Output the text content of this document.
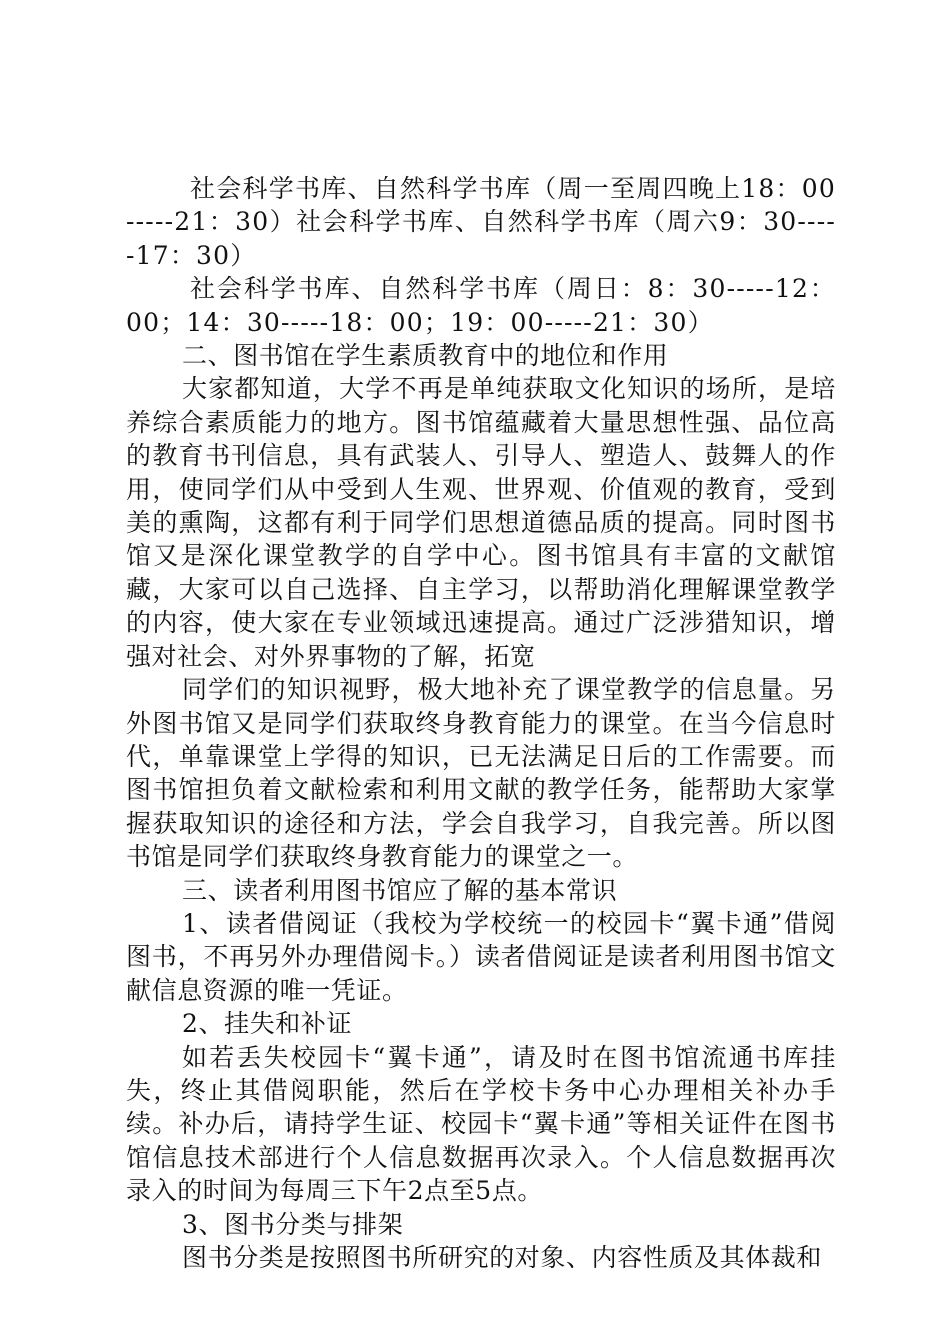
社会科学书库、自然科学书库（周一至周四晚上18：00-----21：30）社会科学书库、自然科学书库（周六9：30-----17：30）

社会科学书库、自然科学书库（周日：8：30-----12：00；14：30-----18：00；19：00-----21：30）

二、图书馆在学生素质教育中的地位和作用

大家都知道，大学不再是单纯获取文化知识的场所，是培养综合素质能力的地方。图书馆蕴藏着大量思想性强、品位高的教育书刊信息，具有武装人、引导人、塑造人、鼓舞人的作用，使同学们从中受到人生观、世界观、价值观的教育，受到美的熏陶，这都有利于同学们思想道德品质的提高。同时图书馆又是深化课堂教学的自学中心。图书馆具有丰富的文献馆藏，大家可以自己选择、自主学习，以帮助消化理解课堂教学的内容，使大家在专业领域迅速提高。通过广泛涉猎知识，增强对社会、对外界事物的了解，拓宽

同学们的知识视野，极大地补充了课堂教学的信息量。另外图书馆又是同学们获取终身教育能力的课堂。在当今信息时代，单靠课堂上学得的知识，已无法满足日后的工作需要。而图书馆担负着文献检索和利用文献的教学任务，能帮助大家掌握获取知识的途径和方法，学会自我学习，自我完善。所以图书馆是同学们获取终身教育能力的课堂之一。

三、读者利用图书馆应了解的基本常识

1、读者借阅证（我校为学校统一的校园卡“翼卡通”借阅图书，不再另外办理借阅卡。）读者借阅证是读者利用图书馆文献信息资源的唯一凭证。

2、挂失和补证

如若丢失校园卡“翼卡通”，请及时在图书馆流通书库挂失，终止其借阅职能，然后在学校卡务中心办理相关补办手续。补办后，请持学生证、校园卡“翼卡通”等相关证件在图书馆信息技术部进行个人信息数据再次录入。个人信息数据再次录入的时间为每周三下午2点至5点。

3、图书分类与排架

图书分类是按照图书所研究的对象、内容性质及其体裁和
